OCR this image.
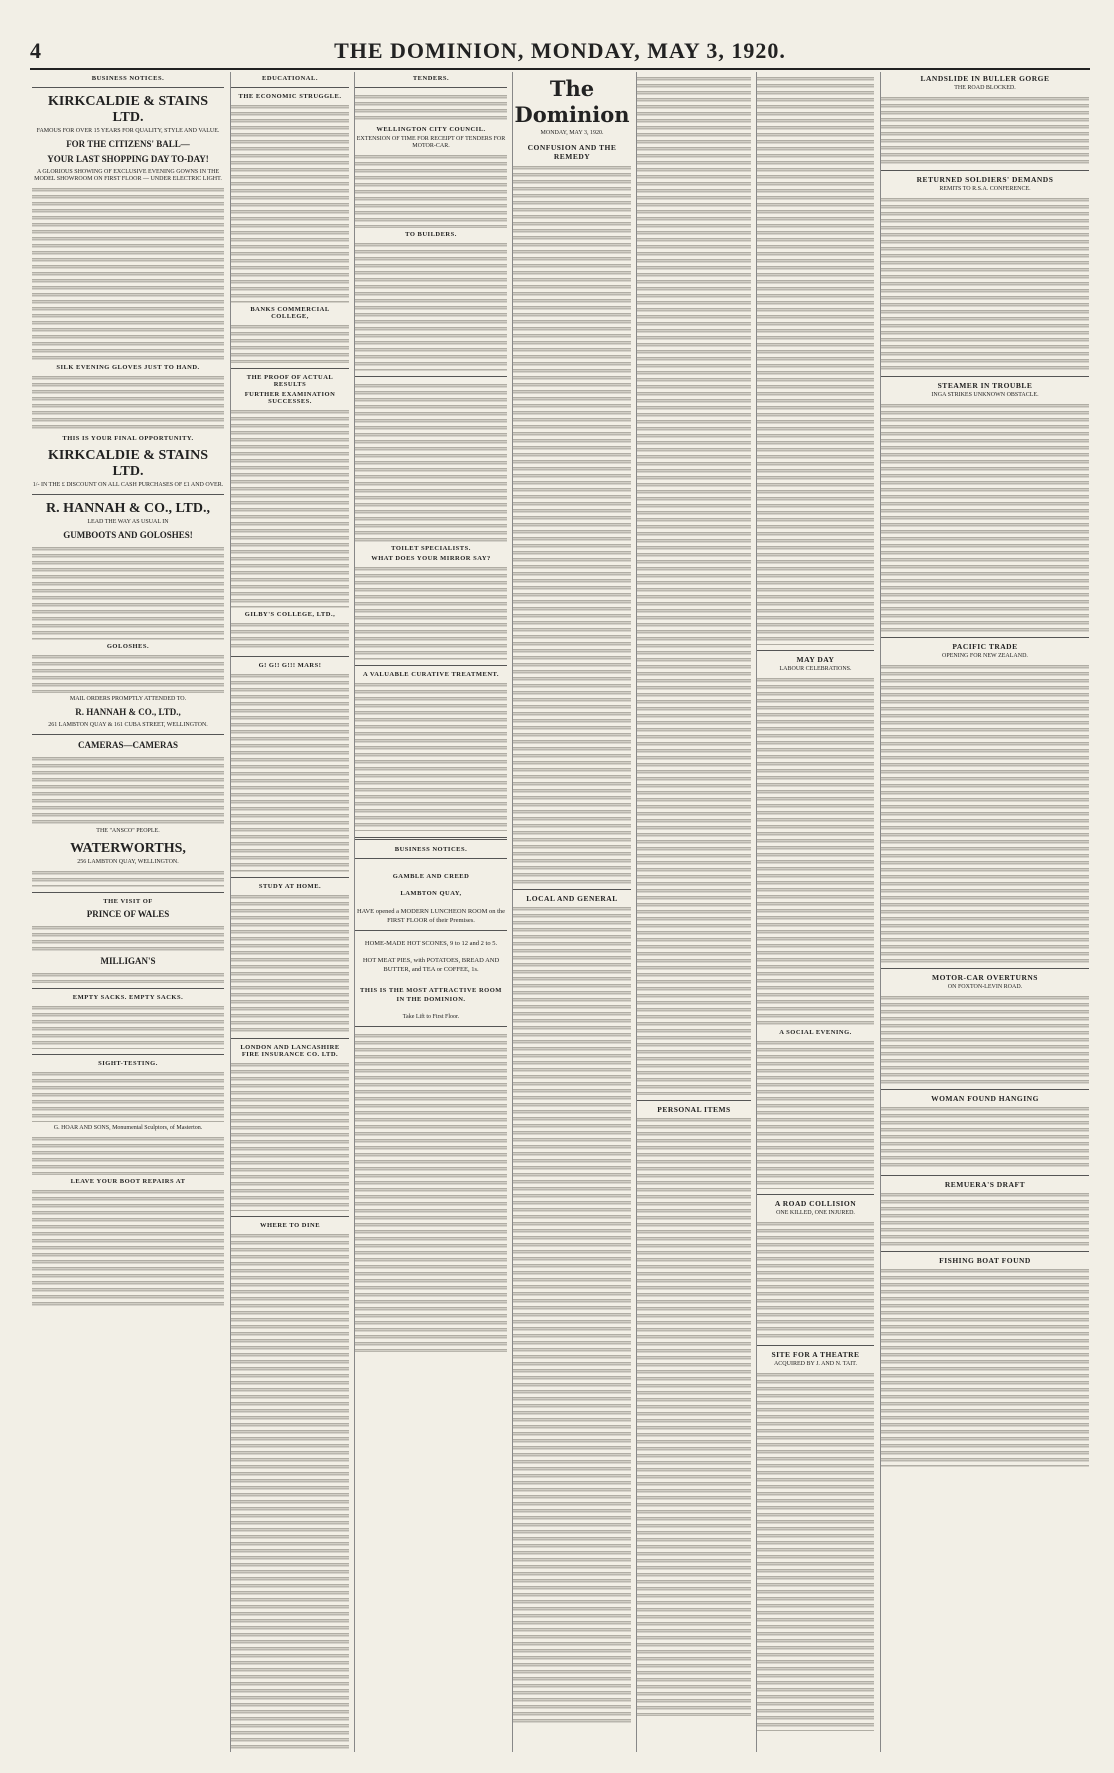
4	THE DOMINION, MONDAY, MAY 3, 1920.
BUSINESS NOTICES.
KIRKCALDIE & STAINS LTD.
FAMOUS FOR OVER 15 YEARS FOR QUALITY, STYLE AND VALUE.
FOR THE CITIZENS' BALL—
YOUR LAST SHOPPING DAY TO-DAY!
A GLORIOUS SHOWING OF EXCLUSIVE EVENING GOWNS IN THE MODEL SHOWROOM ON FIRST FLOOR — UNDER ELECTRIC LIGHT.
SILK EVENING GLOVES JUST TO HAND.
THIS IS YOUR FINAL OPPORTUNITY.
KIRKCALDIE & STAINS LTD.
1/- IN THE £ DISCOUNT ON ALL CASH PURCHASES OF £1 AND OVER.
R. HANNAH & CO., LTD.,
LEAD THE WAY AS USUAL IN
GUMBOOTS AND GOLOSHES!
GOLOSHES.
MAIL ORDERS PROMPTLY ATTENDED TO.
R. HANNAH & CO., LTD.,
261 LAMBTON QUAY & 161 CUBA STREET, WELLINGTON.
CAMERAS—CAMERAS
THE "ANSCO" PEOPLE.
WATERWORTHS,
256 LAMBTON QUAY, WELLINGTON.
THE VISIT OF
PRINCE OF WALES
MILLIGAN'S
EMPTY SACKS. EMPTY SACKS.
SIGHT-TESTING.
G. HOAR AND SONS, Monumental Sculptors, of Masterton.
LEAVE YOUR BOOT REPAIRS AT
EDUCATIONAL.
THE ECONOMIC STRUGGLE.
BANKS COMMERCIAL COLLEGE,
THE PROOF OF ACTUAL RESULTS
FURTHER EXAMINATION SUCCESSES.
GILBY'S COLLEGE, LTD.,
G! G!! G!!! MARS!
STUDY AT HOME.
LONDON AND LANCASHIRE FIRE INSURANCE CO. LTD.
WHERE TO DINE
TENDERS.
WELLINGTON CITY COUNCIL.
EXTENSION OF TIME FOR RECEIPT OF TENDERS FOR MOTOR-CAR.
TO BUILDERS.
TOILET SPECIALISTS.
WHAT DOES YOUR MIRROR SAY?
A VALUABLE CURATIVE TREATMENT.
BUSINESS NOTICES.
GAMBLE AND CREED
LAMBTON QUAY,
HAVE opened a MODERN LUNCHEON ROOM on the FIRST FLOOR of their Premises.
HOME-MADE HOT SCONES, 9 to 12 and 2 to 5.
HOT MEAT PIES, with POTATOES, BREAD AND BUTTER, and TEA or COFFEE, 1s.
THIS IS THE MOST ATTRACTIVE ROOM IN THE DOMINION.
Take Lift to First Floor.
The Dominion
MONDAY, MAY 3, 1920.
CONFUSION AND THE REMEDY
LOCAL AND GENERAL
PERSONAL ITEMS
MAY DAY
LABOUR CELEBRATIONS.
A SOCIAL EVENING.
A ROAD COLLISION
ONE KILLED, ONE INJURED.
SITE FOR A THEATRE
ACQUIRED BY J. AND N. TAIT.
LANDSLIDE IN BULLER GORGE
THE ROAD BLOCKED.
RETURNED SOLDIERS' DEMANDS
REMITS TO R.S.A. CONFERENCE.
STEAMER IN TROUBLE
INGA STRIKES UNKNOWN OBSTACLE.
PACIFIC TRADE
OPENING FOR NEW ZEALAND.
MOTOR-CAR OVERTURNS
ON FOXTON-LEVIN ROAD.
WOMAN FOUND HANGING
REMUERA'S DRAFT
FISHING BOAT FOUND
